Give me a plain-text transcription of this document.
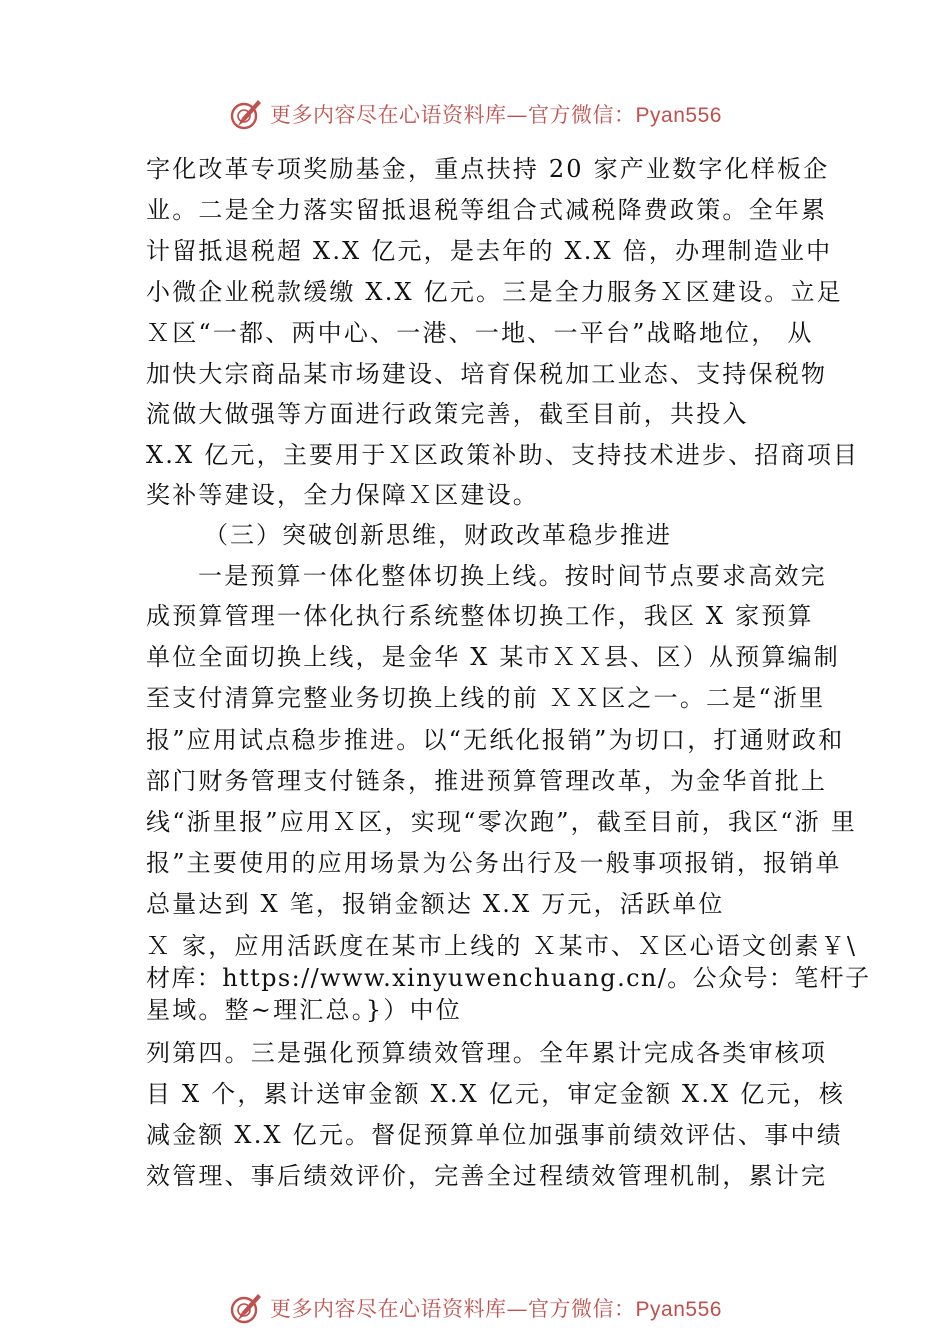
更多内容尽在心语资料库—官方微信：Pyan556
字化改革专项奖励基金，重点扶持 20 家产业数字化样板企
业。二是全力落实留抵退税等组合式减税降费政策。全年累
计留抵退税超 X.X 亿元，是去年的 X.X 倍，办理制造业中
小微企业税款缓缴 X.X 亿元。三是全力服务Ｘ区建设。立足
Ｘ区“一都、两中心、一港、一地、一平台”战略地位， 从
加快大宗商品某市场建设、培育保税加工业态、支持保税物
流做大做强等方面进行政策完善，截至目前，共投入
X.X 亿元，主要用于Ｘ区政策补助、支持技术进步、招商项目
奖补等建设，全力保障Ｘ区建设。
（三）突破创新思维，财政改革稳步推进
一是预算一体化整体切换上线。按时间节点要求高效完
成预算管理一体化执行系统整体切换工作，我区 X 家预算
单位全面切换上线，是金华 X 某市ＸＸ县、区）从预算编制
至支付清算完整业务切换上线的前 ＸＸ区之一。二是“浙里
报”应用试点稳步推进。以“无纸化报销”为切口，打通财政和
部门财务管理支付链条，推进预算管理改革，为金华首批上
线“浙里报”应用Ｘ区，实现“零次跑”，截至目前，我区“浙 里
报”主要使用的应用场景为公务出行及一般事项报销，报销单
总量达到 X 笔，报销金额达 X.X 万元，活跃单位
Ｘ 家，应用活跃度在某市上线的 Ｘ某市、Ｘ区心语文创素￥\
材库：https://www.xinyuwenchuang.cn/。公众号：笔杆子
星域。整~理汇总。}）中位
列第四。三是强化预算绩效管理。全年累计完成各类审核项
目 X 个，累计送审金额 X.X 亿元，审定金额 X.X 亿元，核
减金额 X.X 亿元。督促预算单位加强事前绩效评估、事中绩
效管理、事后绩效评价，完善全过程绩效管理机制，累计完
更多内容尽在心语资料库—官方微信：Pyan556
